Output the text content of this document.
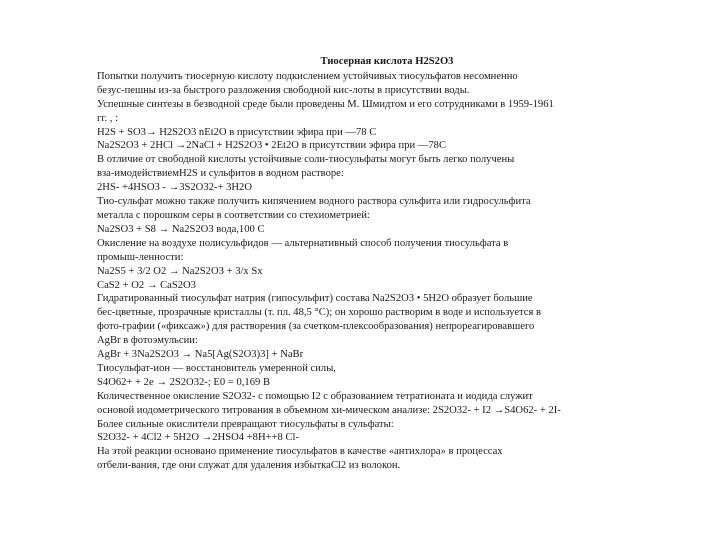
Тиосерная кислота H2S2O3
Попытки получить тиосерную кислоту подкислением устойчивых тиосульфатов несомненно
безус-пешны из-за быстрого разложения свободной кис-лоты в присутствии воды.
Успешные синтезы в безводной среде были проведены М. Шмидтом и его сотрудниками в 1959-1961
гг. , :
H2S + SO3→ H2S2O3 nEt2O в присутствии эфира при —78 С
Na2S2O3 + 2HCl →2NaCl + H2S2O3 • 2Et2O в присутствии эфира при —78С
В отличие от свободной кислоты устойчивые соли-тиосульфаты могут быть легко получены
вза-имодействиемH2S и сульфитов в водном растворе:
2HS- +4HSO3 - →3S2O32-+ 3H2O
Тио-сульфат можно также получить кипячением водного раствора сульфита или гидросульфита
металла с порошком серы в соответствии со стехиометрией:
Na2SO3 + S8 → Na2S2O3 вода,100 С
Окисление на воздухе полисульфидов — альтернативный способ получения тиосульфата в
промыш-ленности:
Na2S5 + 3/2 O2 → Na2S2O3 + 3/x Sx
CaS2 + O2 → CaS2O3
Гидратированный тиосульфат натрия (гипосульфит) состава Na2S2O3 • 5H2O образует большие
бес-цветные, прозрачные кристаллы (т. пл. 48,5 °С); он хорошо растворим в воде и используется в
фото-графии («фиксаж») для растворения (за счетком-плексообразования) непрореагировавшего
AgBr в фотоэмульсии:
AgBr + 3Na2S2O3 → Na5[Ag(S2O3)3] + NaBr
Тиосульфат-ион — восстановитель умеренной силы,
S4O62+ + 2e → 2S2O32-; E0 = 0,169 В
Количественное окисление S2O32- с помощью I2 с образованием тетратионата и иодида служит
основой иодометрического титрования в объемном хи-мическом анализе: 2S2O32- + I2 →S4O62- + 2I-
Более сильные окислители превращают тиосульфаты в сульфаты:
S2O32- + 4Cl2 + 5H2O →2HSO4 +8H++8 Cl-
На этой реакции основано применение тиосульфатов в качестве «антихлора» в процессах
отбели-вания, где они служат для удаления избыткаCl2 из волокон.
